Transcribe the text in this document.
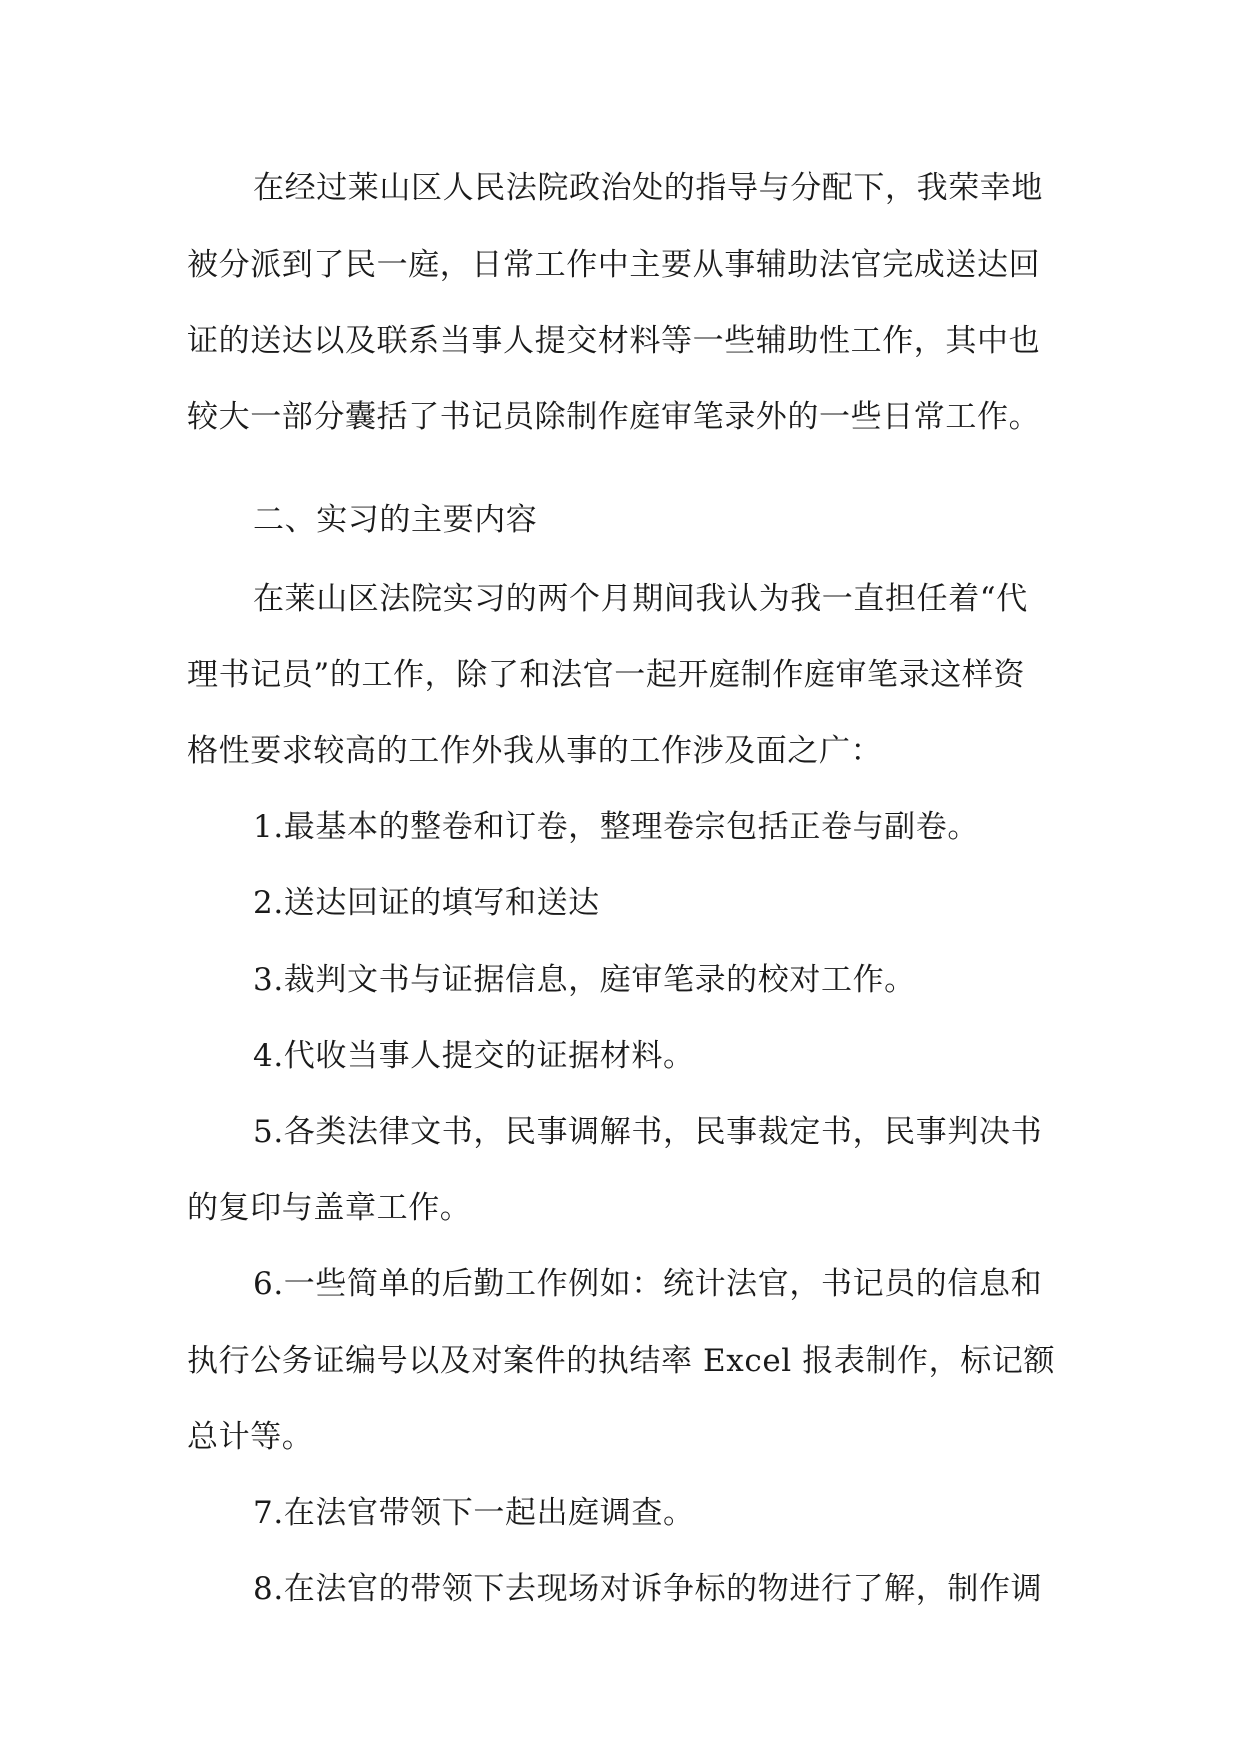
在经过莱山区人民法院政治处的指导与分配下，我荣幸地
被分派到了民一庭，日常工作中主要从事辅助法官完成送达回
证的送达以及联系当事人提交材料等一些辅助性工作，其中也
较大一部分囊括了书记员除制作庭审笔录外的一些日常工作。
二、实习的主要内容
在莱山区法院实习的两个月期间我认为我一直担任着“代
理书记员”的工作，除了和法官一起开庭制作庭审笔录这样资
格性要求较高的工作外我从事的工作涉及面之广：
1.最基本的整卷和订卷，整理卷宗包括正卷与副卷。
2.送达回证的填写和送达
3.裁判文书与证据信息，庭审笔录的校对工作。
4.代收当事人提交的证据材料。
5.各类法律文书，民事调解书，民事裁定书，民事判决书
的复印与盖章工作。
6.一些简单的后勤工作例如：统计法官，书记员的信息和
执行公务证编号以及对案件的执结率 Excel 报表制作，标记额
总计等。
7.在法官带领下一起出庭调查。
8.在法官的带领下去现场对诉争标的物进行了解，制作调
